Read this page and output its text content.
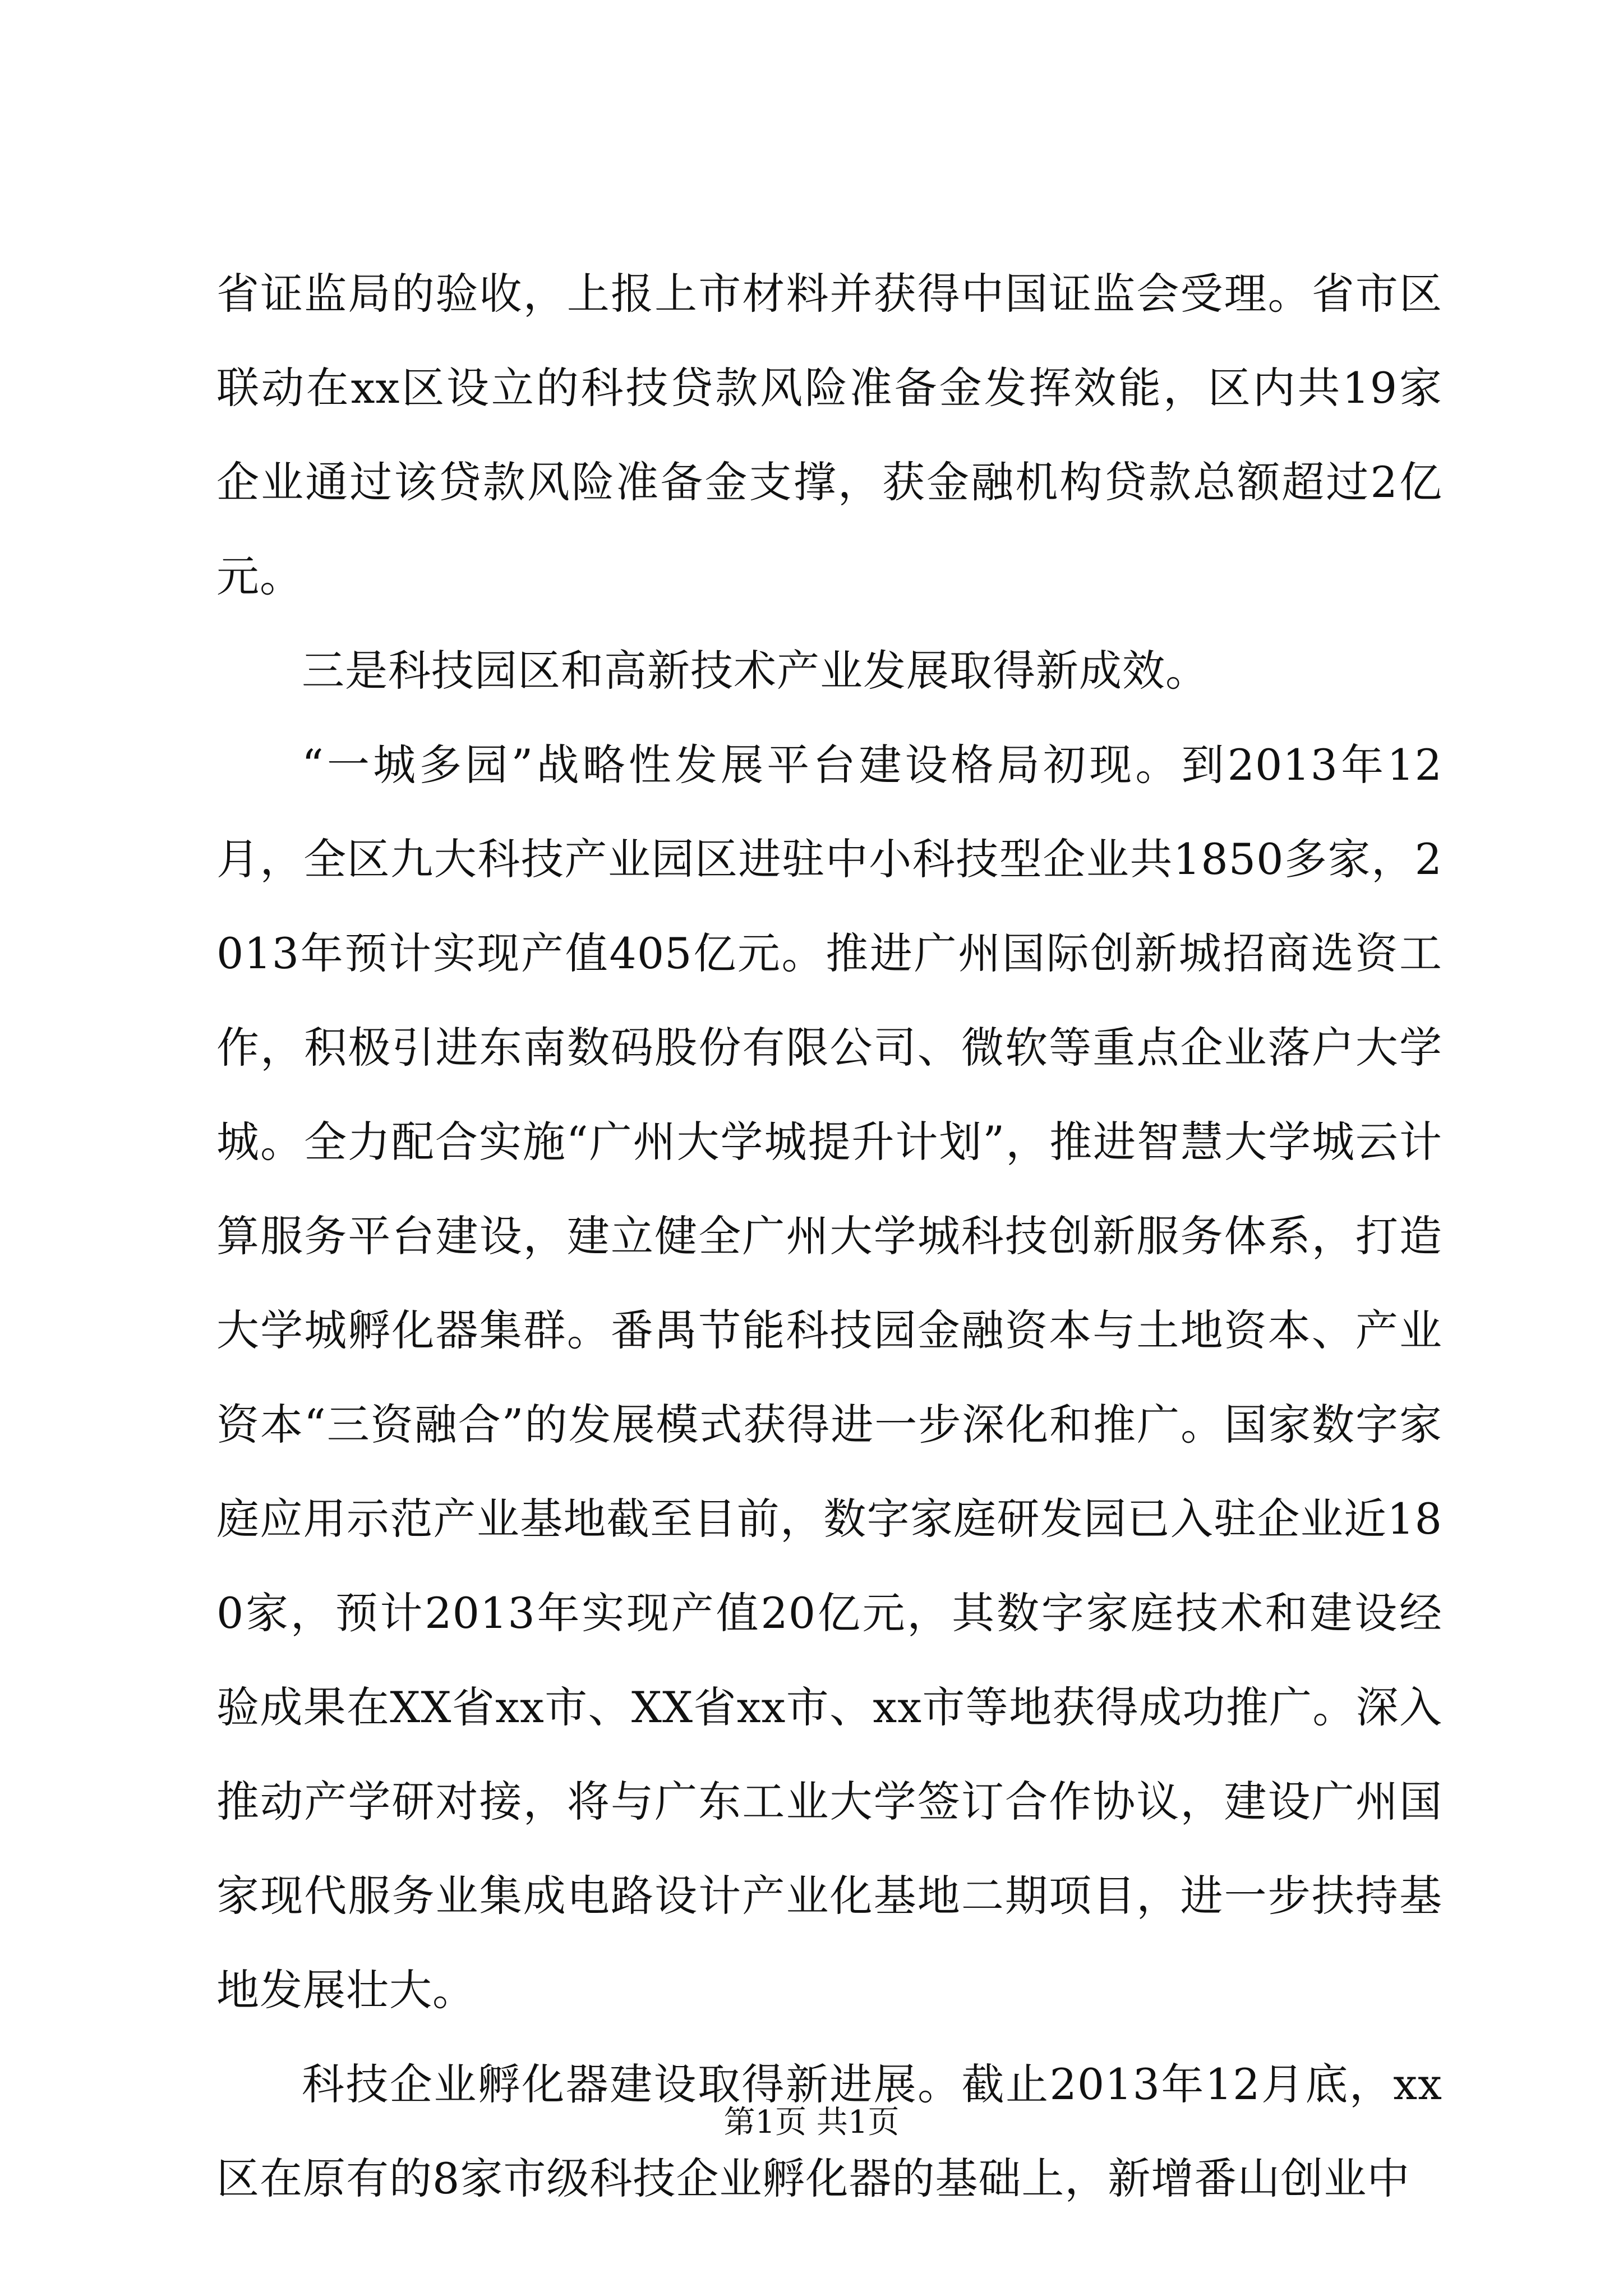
省证监局的验收，上报上市材料并获得中国证监会受理。省市区联动在xx区设立的科技贷款风险准备金发挥效能，区内共19家企业通过该贷款风险准备金支撑，获金融机构贷款总额超过2亿元。

三是科技园区和高新技术产业发展取得新成效。

“一城多园”战略性发展平台建设格局初现。到2013年12月，全区九大科技产业园区进驻中小科技型企业共1850多家，2013年预计实现产值405亿元。推进广州国际创新城招商选资工作，积极引进东南数码股份有限公司、微软等重点企业落户大学城。全力配合实施“广州大学城提升计划”，推进智慧大学城云计算服务平台建设，建立健全广州大学城科技创新服务体系，打造大学城孵化器集群。番禺节能科技园金融资本与土地资本、产业资本“三资融合”的发展模式获得进一步深化和推广。国家数字家庭应用示范产业基地截至目前，数字家庭研发园已入驻企业近180家，预计2013年实现产值20亿元，其数字家庭技术和建设经验成果在XX省xx市、XX省xx市、xx市等地获得成功推广。深入推动产学研对接，将与广东工业大学签订合作协议，建设广州国家现代服务业集成电路设计产业化基地二期项目，进一步扶持基地发展壮大。

科技企业孵化器建设取得新进展。截止2013年12月底，xx区在原有的8家市级科技企业孵化器的基础上，新增番山创业中

第1页 共1页
